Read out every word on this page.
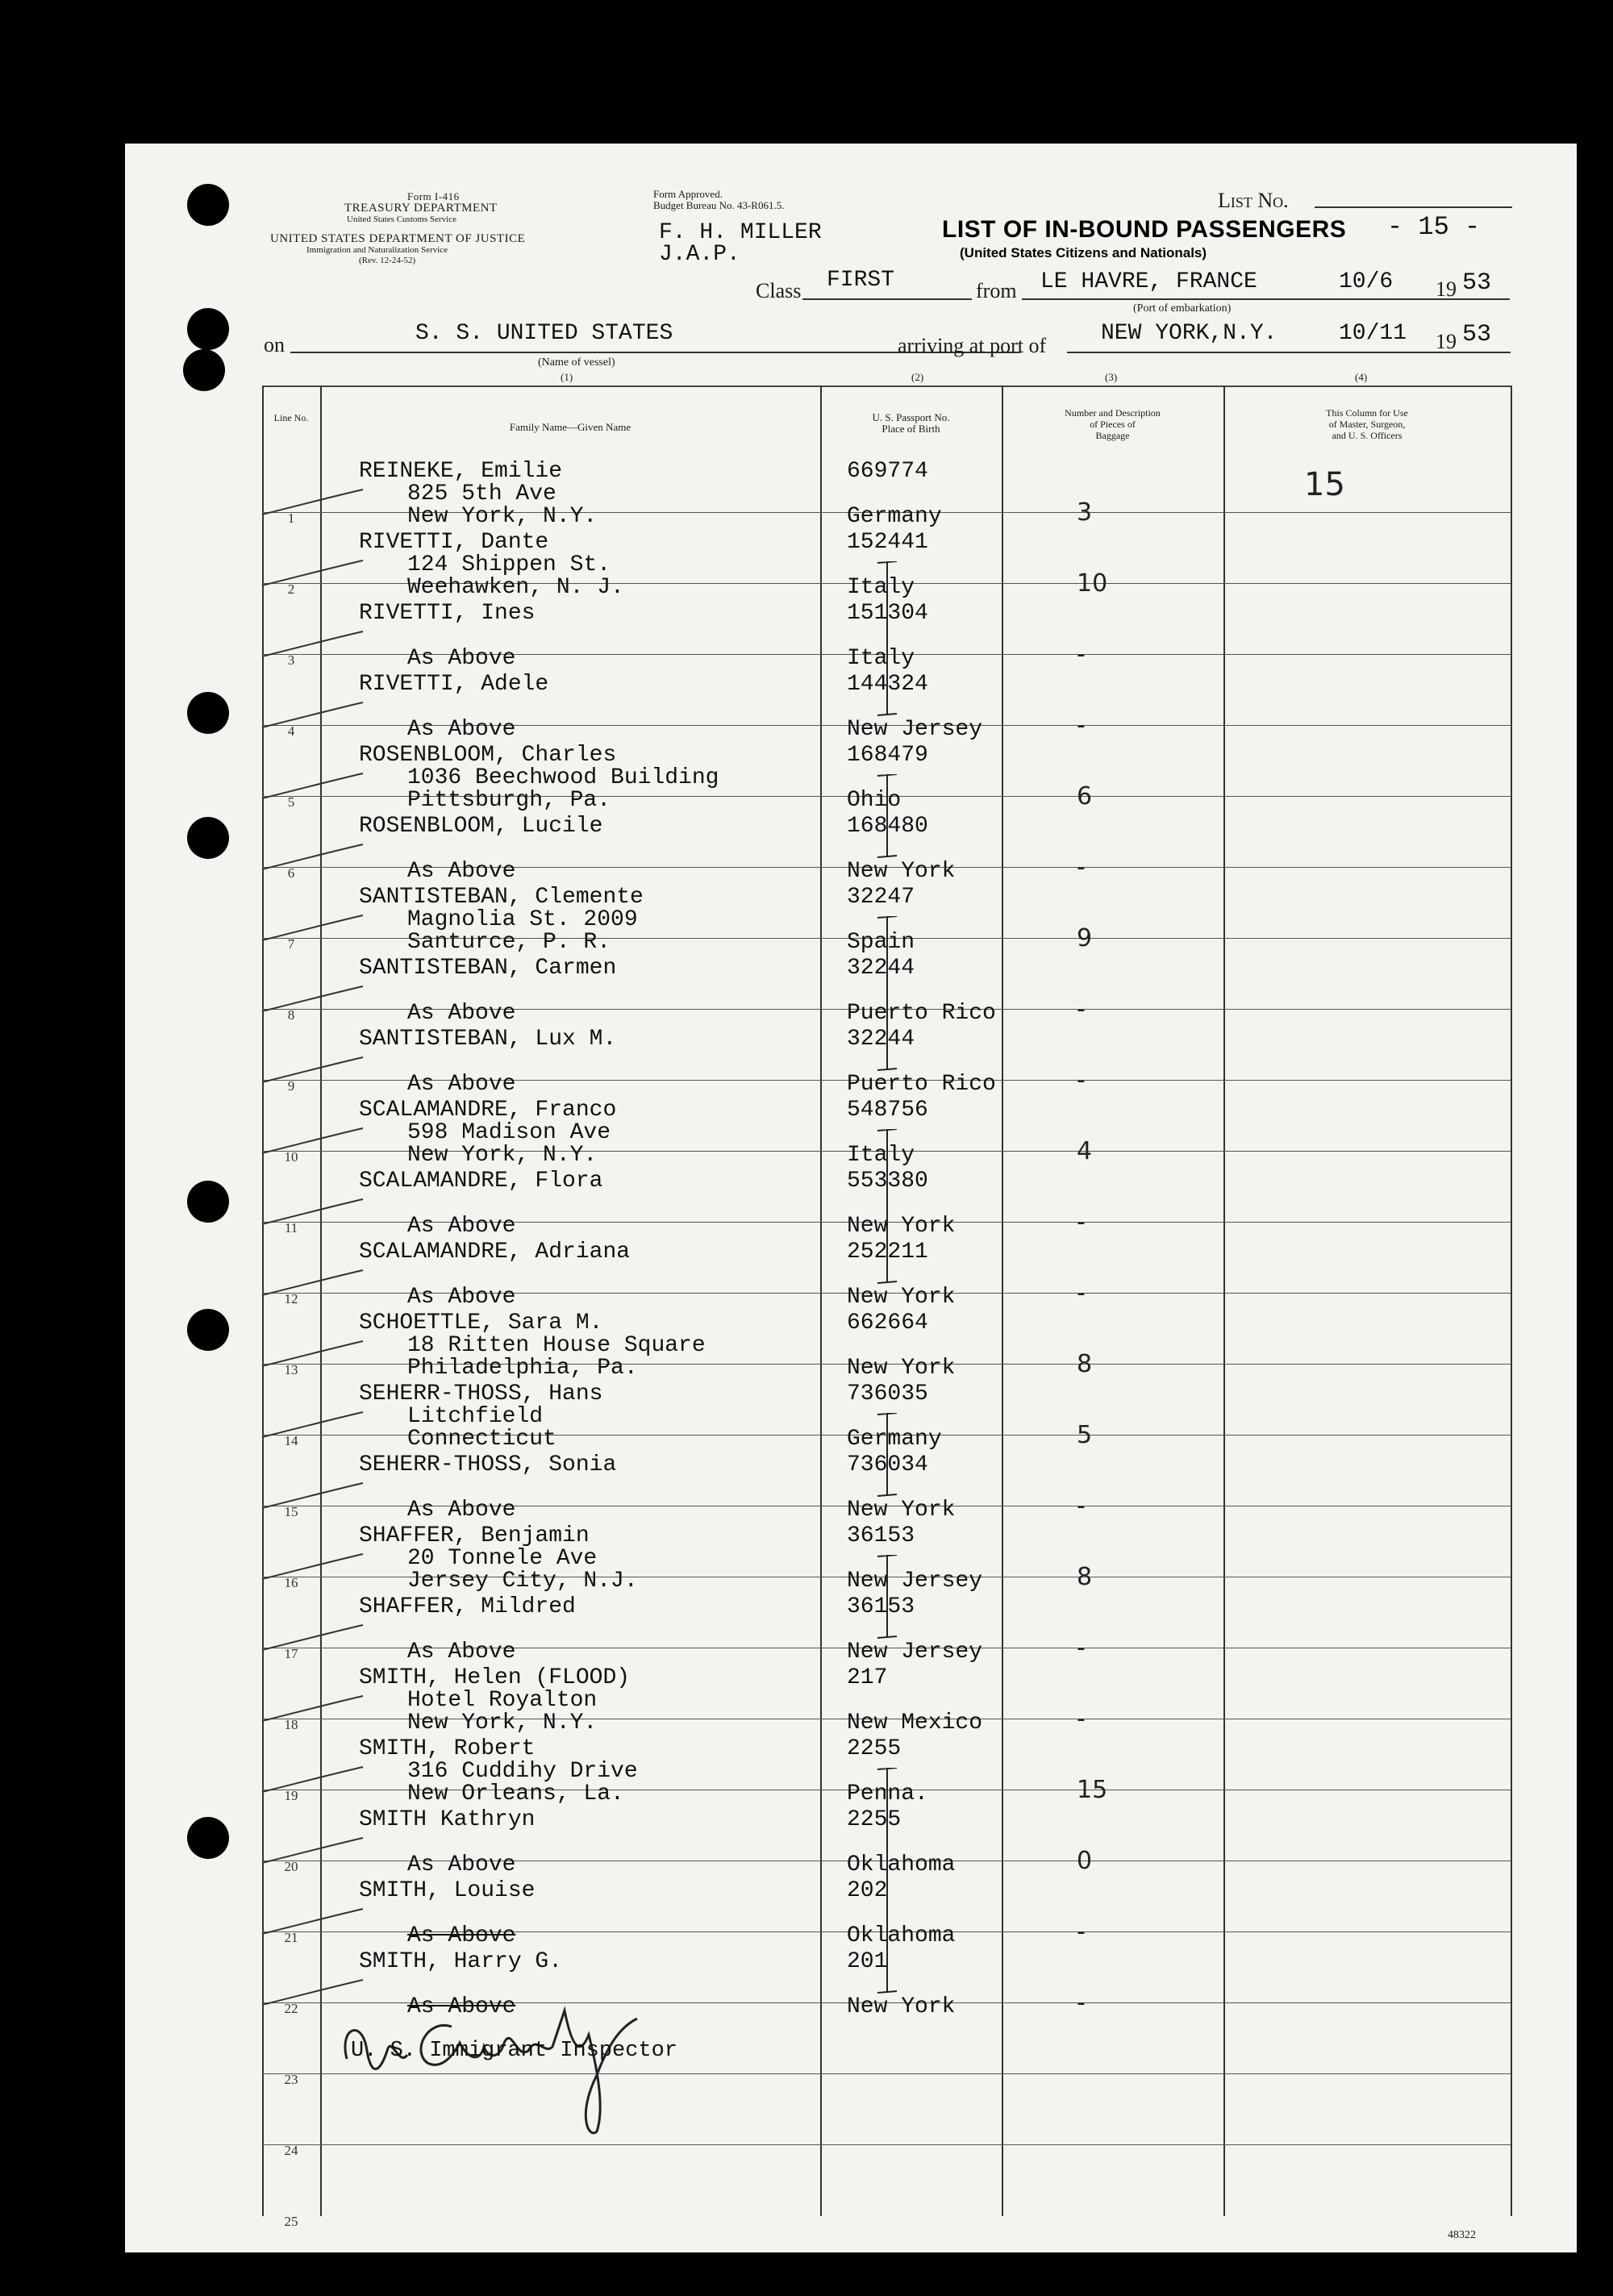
Form I-416
TREASURY DEPARTMENT
United States Customs Service
UNITED STATES DEPARTMENT OF JUSTICE
Immigration and Naturalization Service
(Rev. 12-24-52)
Form Approved.
Budget Bureau No. 43-R061.5.
F. H. MILLER
J.A.P.
List No.
- 15 -
LIST OF IN-BOUND PASSENGERS
(United States Citizens and Nationals)
Class FIRST	from LE HAVRE, FRANCE	10/6 19 53
(Port of embarkation)
on	S. S. UNITED STATES	arriving at port of NEW YORK,N.Y.	10/11 19 53
(Name of vessel)
(1)	(2)	(3)	(4)
Line No.
Family Name—Given Name
U. S. Passport No.
Place of Birth
Number and Description
of Pieces of
Baggage
This Column for Use
of Master, Surgeon,
and U. S. Officers
15
1
REINEKE, Emilie
825 5th Ave
New York, N.Y.
669774
Germany	3
2
RIVETTI, Dante
124 Shippen St.
Weehawken, N. J.
152441
Italy	10
3
RIVETTI, Ines
As Above
151304
Italy	-
4
RIVETTI, Adele
As Above
144324
New Jersey	-
5
ROSENBLOOM, Charles
1036 Beechwood Building
Pittsburgh, Pa.
168479
Ohio	6
6
ROSENBLOOM, Lucile
As Above
168480
New York	-
7
SANTISTEBAN, Clemente
Magnolia St. 2009
Santurce, P. R.
32247
Spain	9
8
SANTISTEBAN, Carmen
As Above
32244
Puerto Rico	-
9
SANTISTEBAN, Lux M.
As Above
32244
Puerto Rico	-
10
SCALAMANDRE, Franco
598 Madison Ave
New York, N.Y.
548756
Italy	4
11
SCALAMANDRE, Flora
As Above
553380
New York	-
12
SCALAMANDRE, Adriana
As Above
252211
New York	-
13
SCHOETTLE, Sara M.
18 Ritten House Square
Philadelphia, Pa.
662664
New York	8
14
SEHERR-THOSS, Hans
Litchfield
Connecticut
736035
Germany	5
15
SEHERR-THOSS, Sonia
As Above
736034
New York	-
16
SHAFFER, Benjamin
20 Tonnele Ave
Jersey City, N.J.
36153
New Jersey	8
17
SHAFFER, Mildred
As Above
36153
New Jersey	-
18
SMITH, Helen (FLOOD)
Hotel Royalton
New York, N.Y.
217
New Mexico	-
19
SMITH, Robert
316 Cuddihy Drive
New Orleans, La.
2255
Penna.	15
20
SMITH Kathryn
As Above
2255
Oklahoma	0
21
SMITH, Louise
As Above
202
Oklahoma	-
22
SMITH, Harry G.
As Above
201
New York	-
23
24
25
U. S. Immigrant Inspector
48322
